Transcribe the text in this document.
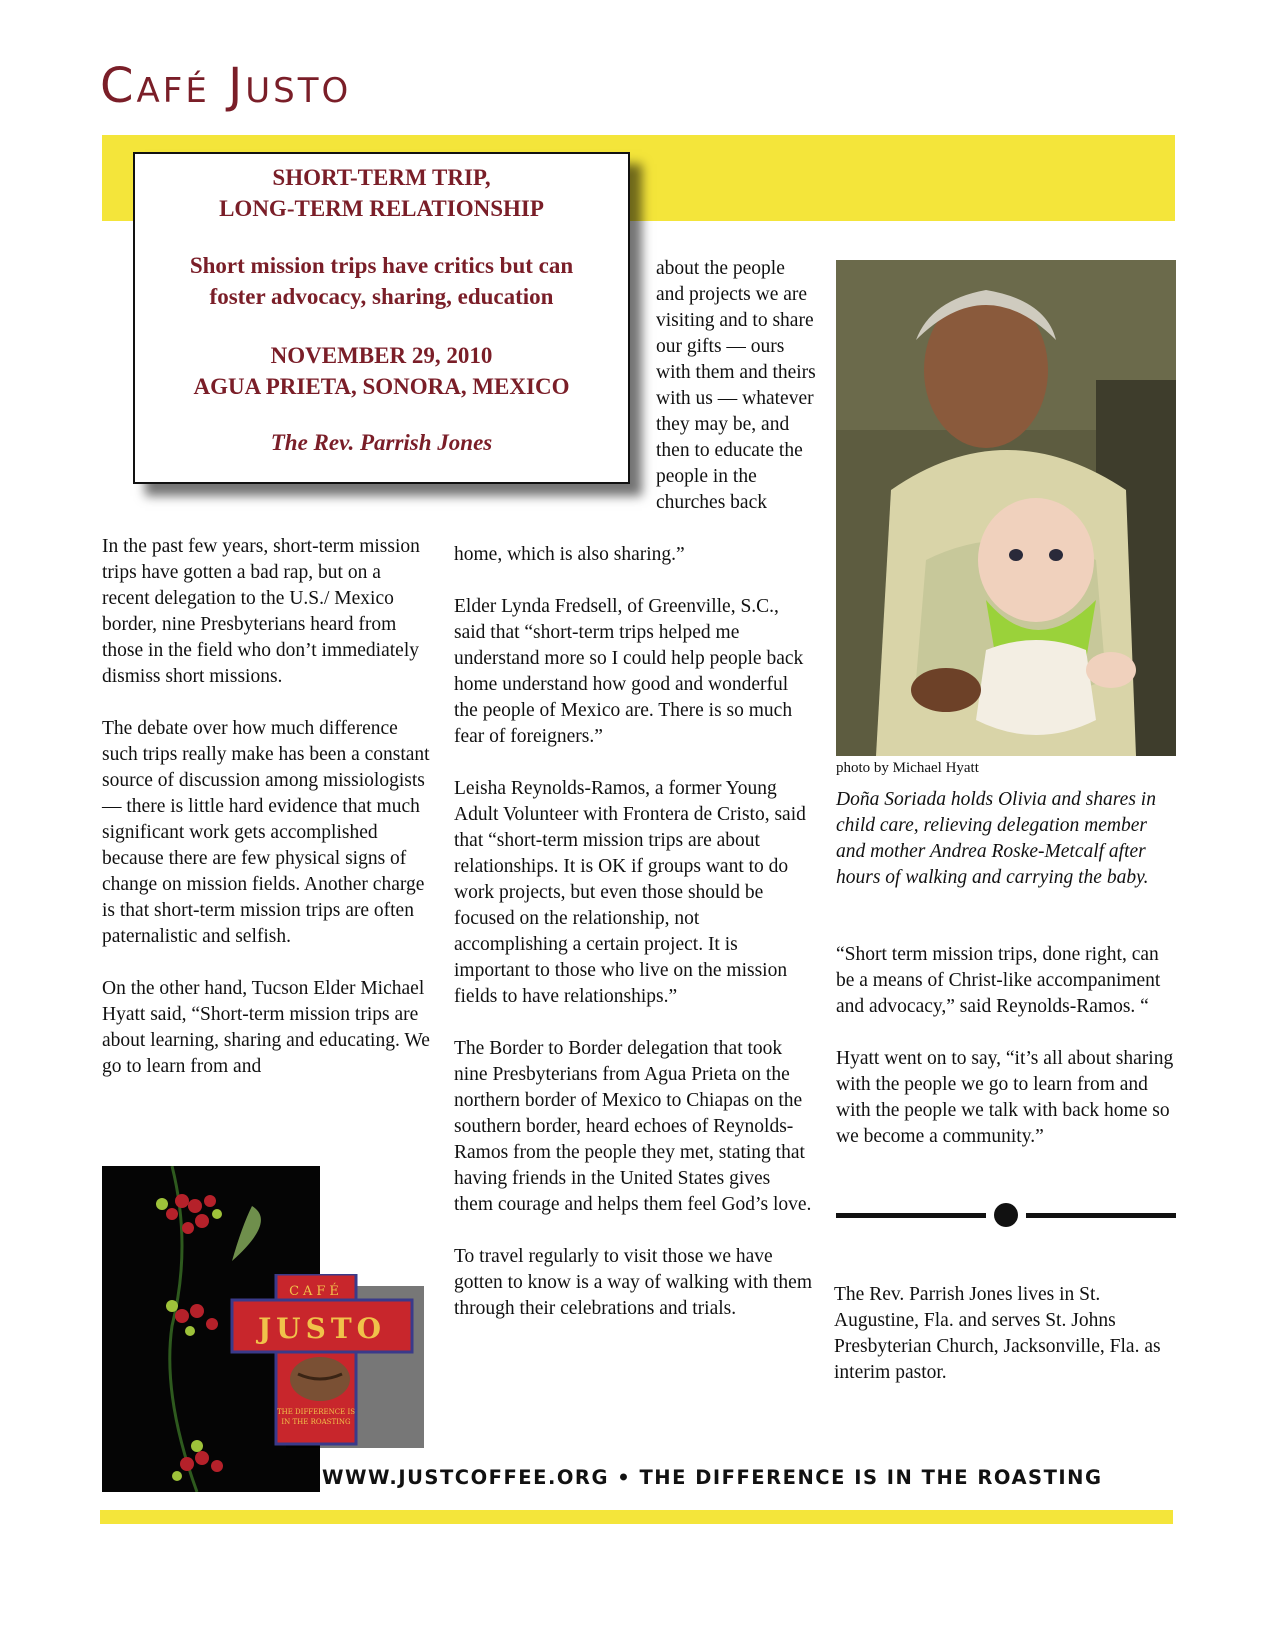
Café Justo
SHORT-TERM TRIP,
LONG-TERM RELATIONSHIP
Short mission trips have critics but can
foster advocacy, sharing, education
NOVEMBER 29, 2010
AGUA PRIETA, SONORA, MEXICO
The Rev. Parrish Jones

In the past few years, short-term mission trips have gotten a bad rap, but on a recent delegation to the U.S./ Mexico border, nine Presbyterians heard from those in the field who don’t immediately dismiss short missions.

The debate over how much difference such trips really make has been a constant source of discussion among missiologists — there is little hard evidence that much significant work gets accomplished because there are few physical signs of change on mission fields. Another charge is that short-term mission trips are often paternalistic and selfish.

On the other hand, Tucson Elder Michael Hyatt said, “Short-term mission trips are about learning, sharing and educating. We go to learn from and

about the people and projects we are visiting and to share our gifts — ours with them and theirs with us — whatever they may be, and then to educate the people in the churches back

home, which is also sharing.”

Elder Lynda Fredsell, of Greenville, S.C., said that “short-term trips helped me understand more so I could help people back home understand how good and wonderful the people of Mexico are. There is so much fear of foreigners.”

Leisha Reynolds-Ramos, a former Young Adult Volunteer with Frontera de Cristo, said that “short-term mission trips are about relationships. It is OK if groups want to do work projects, but even those should be focused on the relationship, not accomplishing a certain project. It is important to those who live on the mission fields to have relationships.”

The Border to Border delegation that took nine Presbyterians from Agua Prieta on the northern border of Mexico to Chiapas on the southern border, heard echoes of Reynolds-Ramos from the people they met, stating that having friends in the United States gives them courage and helps them feel God’s love.

To travel regularly to visit those we have gotten to know is a way of walking with them through their celebrations and trials.

photo by Michael Hyatt
Doña Soriada holds Olivia and shares in child care, relieving delegation member and mother Andrea Roske-Metcalf after hours of walking and carrying the baby.

“Short term mission trips, done right, can be a means of Christ-like accompaniment and advocacy,” said Reynolds-Ramos. “

Hyatt went on to say, “it’s all about sharing with the people we go to learn from and with the people we talk with back home so we become a community.”

The Rev. Parrish Jones lives in St. Augustine, Fla. and serves St. Johns Presbyterian Church, Jacksonville, Fla. as interim pastor.

CAFÉ
JUSTO
THE DIFFERENCE IS
IN THE ROASTING
WWW.JUSTCOFFEE.ORG • THE DIFFERENCE IS IN THE ROASTING
